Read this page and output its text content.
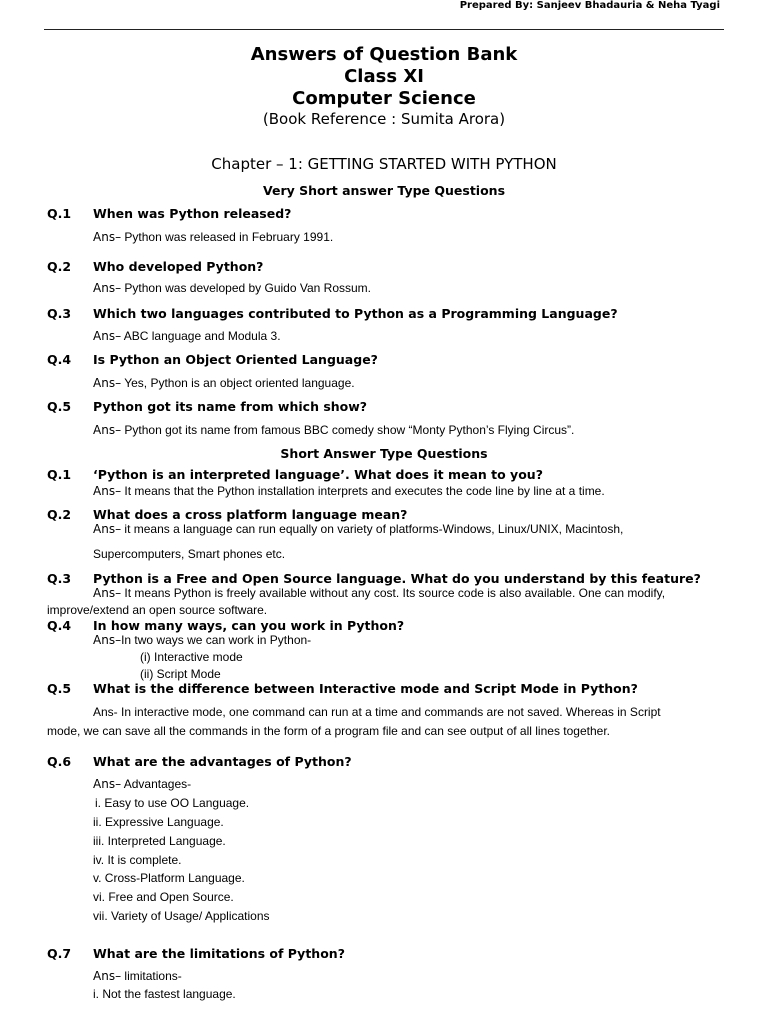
Prepared By: Sanjeev Bhadauria & Neha Tyagi
Answers of Question Bank
Class XI
Computer Science
(Book Reference : Sumita Arora)
Chapter – 1: GETTING STARTED WITH PYTHON
Very Short answer Type Questions
Q.1 When was Python released?
Ans– Python was released in February 1991.
Q.2 Who developed Python?
Ans– Python was developed by Guido Van Rossum.
Q.3 Which two languages contributed to Python as a Programming Language?
Ans– ABC language and Modula 3.
Q.4 Is Python an Object Oriented Language?
Ans– Yes, Python is an object oriented language.
Q.5 Python got its name from which show?
Ans– Python got its name from famous BBC comedy show “Monty Python’s Flying Circus”.
Short Answer Type Questions
Q.1 ‘Python is an interpreted language’. What does it mean to you?
Ans– It means that the Python installation interprets and executes the code line by line at a time.
Q.2 What does a cross platform language mean?
Ans– it means a language can run equally on variety of platforms-Windows, Linux/UNIX, Macintosh,
Supercomputers, Smart phones etc.
Q.3 Python is a Free and Open Source language. What do you understand by this feature?
Ans– It means Python is freely available without any cost. Its source code is also available. One can modify,
improve/extend an open source software.
Q.4 In how many ways, can you work in Python?
Ans–In two ways we can work in Python-
(i) Interactive mode
(ii) Script Mode
Q.5 What is the difference between Interactive mode and Script Mode in Python?
Ans- In interactive mode, one command can run at a time and commands are not saved. Whereas in Script
mode, we can save all the commands in the form of a program file and can see output of all lines together.
Q.6 What are the advantages of Python?
Ans– Advantages-
i. Easy to use OO Language.
ii. Expressive Language.
iii. Interpreted Language.
iv. It is complete.
v. Cross-Platform Language.
vi. Free and Open Source.
vii. Variety of Usage/ Applications
Q.7 What are the limitations of Python?
Ans– limitations-
i. Not the fastest language.
